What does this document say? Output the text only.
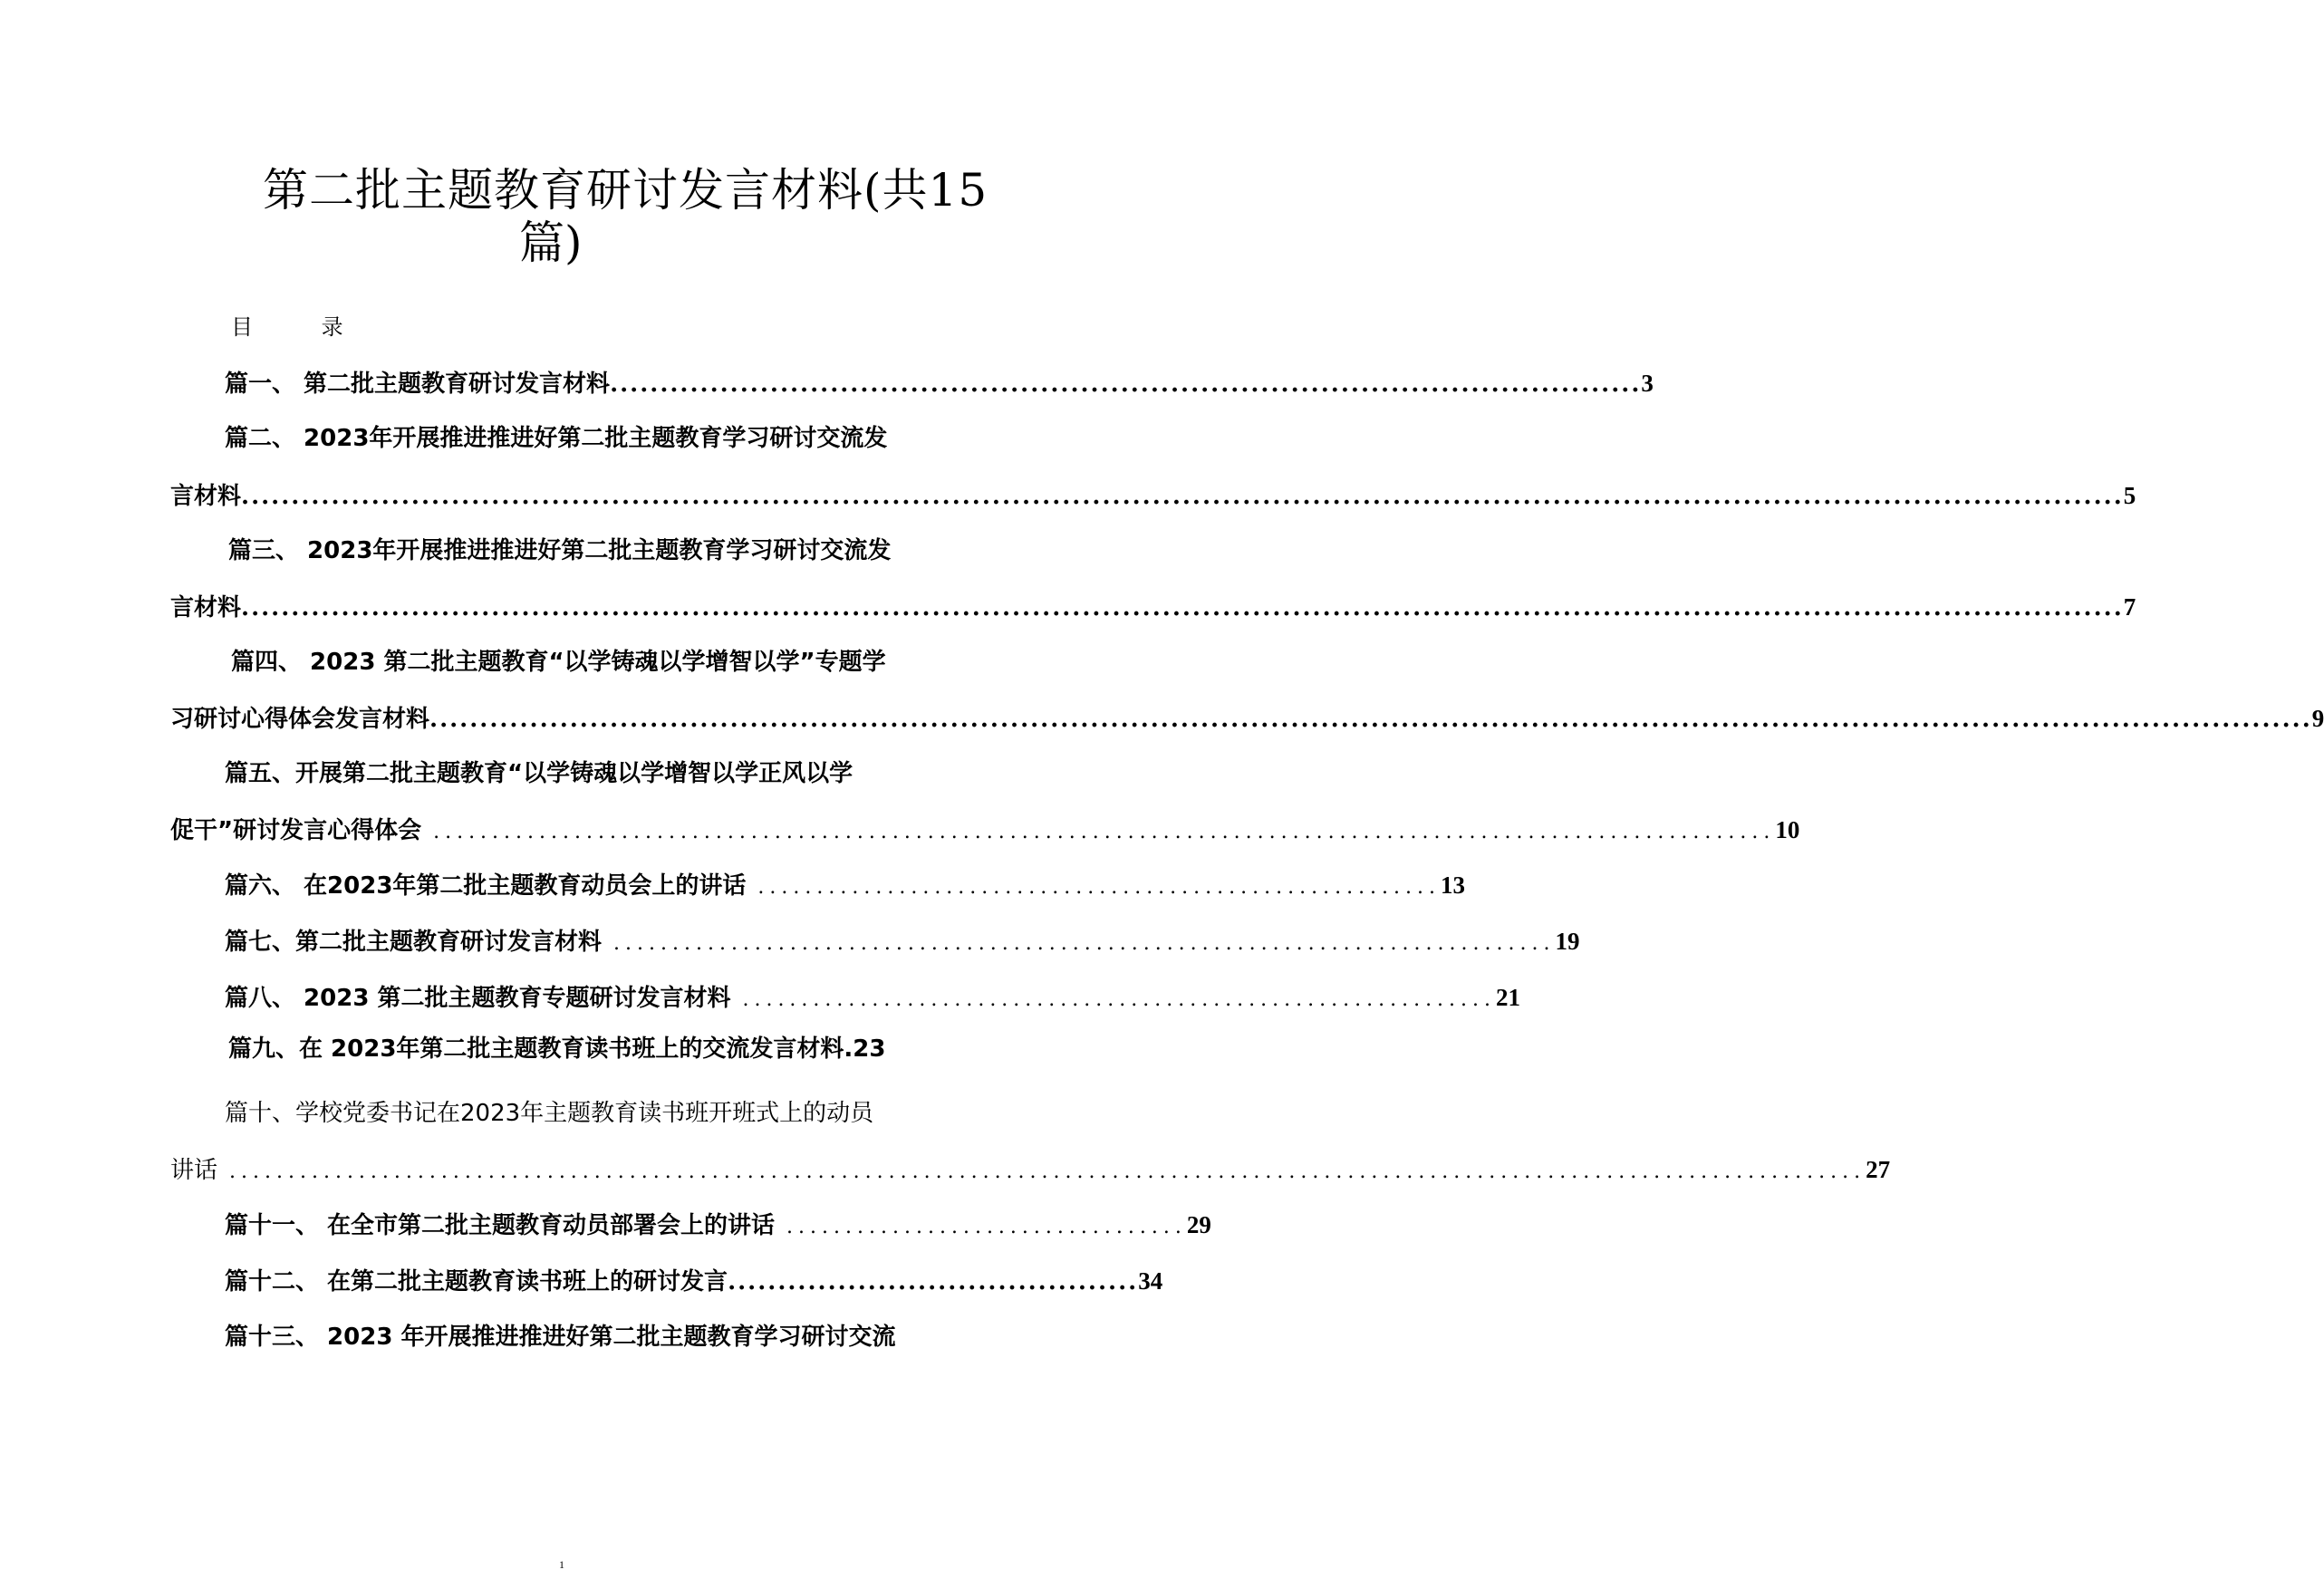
第二批主题教育研讨发言材料(共15
篇)
目 录
篇一、 第二批主题教育研讨发言材料 ....................................................................................................... 3
篇二、 2023年开展推进推进好第二批主题教育学习研讨交流发
言材料 ............................................................................................................................................................................................ 5
篇三、 2023年开展推进推进好第二批主题教育学习研讨交流发
言材料 ............................................................................................................................................................................................ 7
篇四、 2023 第二批主题教育“以学铸魂以学增智以学”专题学
习研讨心得体会发言材料 ............................................................................................................................................................................................ 9
篇五、开展第二批主题教育“以学铸魂以学增智以学正风以学
促干”研讨发言心得体会 .................................................................................................................. 10
篇六、 在2023年第二批主题教育动员会上的讲话 .......................................................... 13
篇七、第二批主题教育研讨发言材料 ................................................................................ 19
篇八、 2023 第二批主题教育专题研讨发言材料 ................................................................ 21
篇九、在 2023年第二批主题教育读书班上的交流发言材料.23
篇十、学校党委书记在2023年主题教育读书班开班式上的动员
讲话 ........................................................................................................................................... 27
篇十一、 在全市第二批主题教育动员部署会上的讲话 .................................. 29
篇十二、 在第二批主题教育读书班上的研讨发言 ......................................... 34
篇十三、 2023 年开展推进推进好第二批主题教育学习研讨交流
1
